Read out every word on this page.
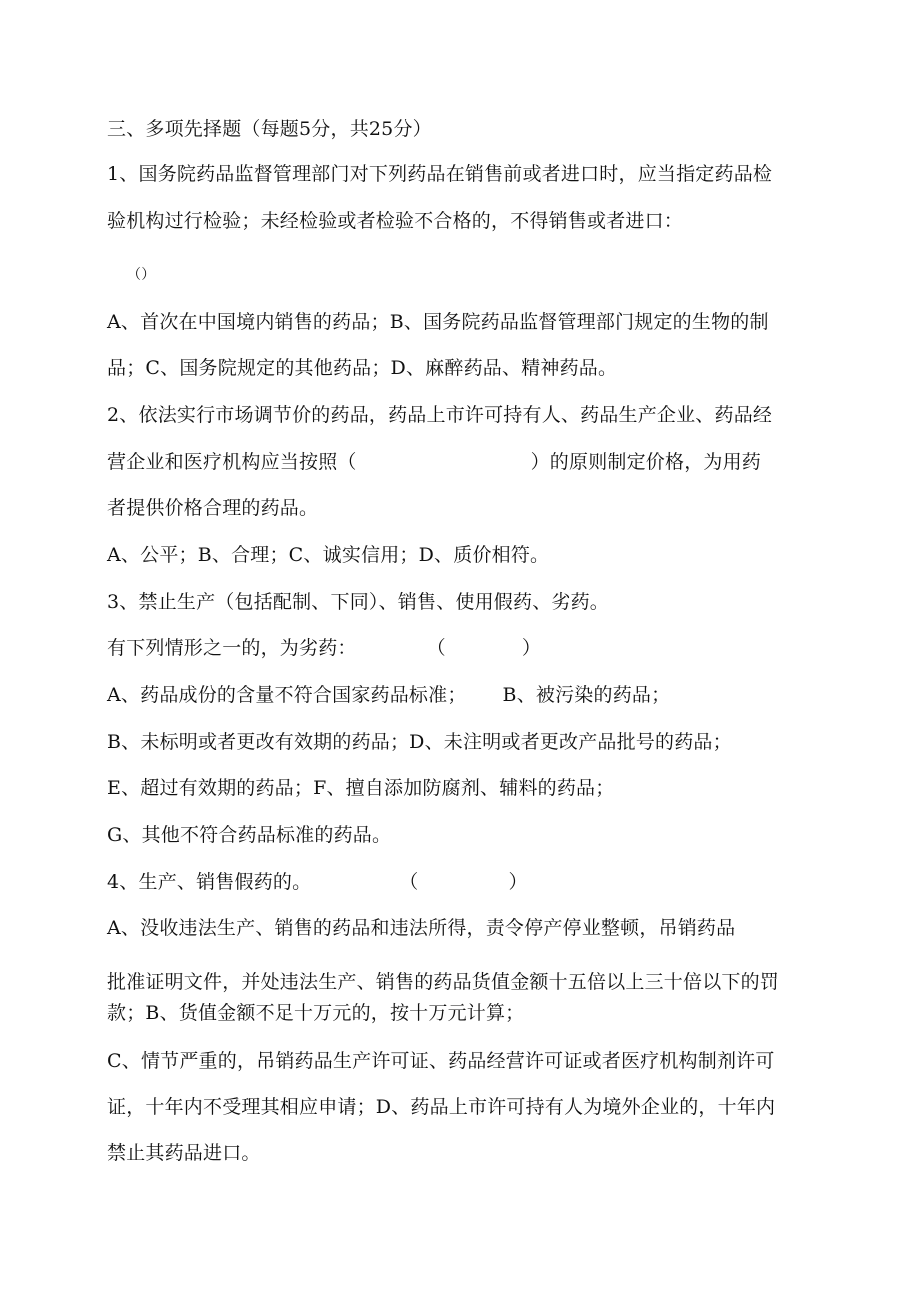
三、多项先择题（每题5分，共25分）
1、国务院药品监督管理部门对下列药品在销售前或者进口时，应当指定药品检
验机构过行检验；未经检验或者检验不合格的，不得销售或者进口：
（）
A、首次在中国境内销售的药品；B、国务院药品监督管理部门规定的生物的制
品；C、国务院规定的其他药品；D、麻醉药品、精神药品。
2、依法实行市场调节价的药品，药品上市许可持有人、药品生产企业、药品经
营企业和医疗机构应当按照（	）的原则制定价格，为用药
者提供价格合理的药品。
A、公平；B、合理；C、诚实信用；D、质价相符。
3、禁止生产（包括配制、下同）、销售、使用假药、劣药。
有下列情形之一的，为劣药：	（	）
A、药品成份的含量不符合国家药品标准； B、被污染的药品；
B、未标明或者更改有效期的药品；D、未注明或者更改产品批号的药品；
E、超过有效期的药品；F、擅自添加防腐剂、辅料的药品；
G、其他不符合药品标准的药品。
4、生产、销售假药的。	（	）
A、没收违法生产、销售的药品和违法所得，责令停产停业整顿，吊销药品
批准证明文件，并处违法生产、销售的药品货值金额十五倍以上三十倍以下的罚
款；B、货值金额不足十万元的，按十万元计算；
C、情节严重的，吊销药品生产许可证、药品经营许可证或者医疗机构制剂许可
证，十年内不受理其相应申请；D、药品上市许可持有人为境外企业的，十年内
禁止其药品进口。
